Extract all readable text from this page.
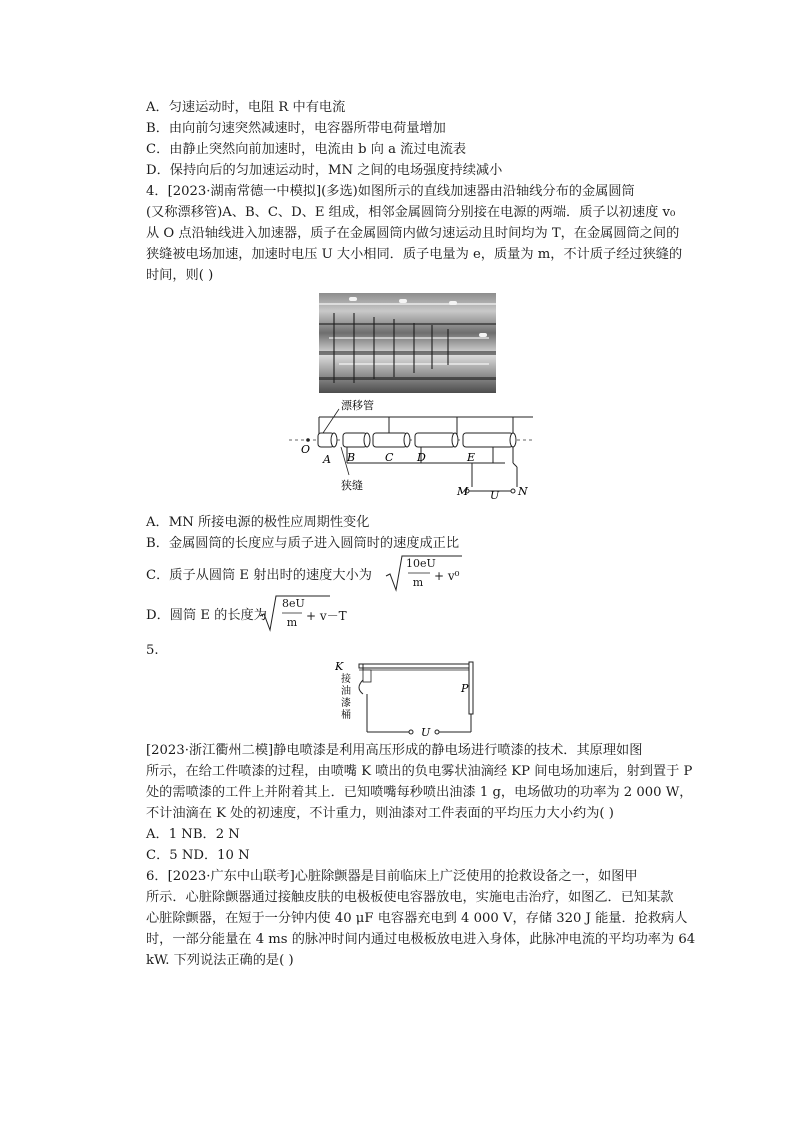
A．匀速运动时，电阻 R 中有电流
B．由向前匀速突然减速时，电容器所带电荷量增加
C．由静止突然向前加速时，电流由 b 向 a 流过电流表
D．保持向后的匀加速运动时，MN 之间的电场强度持续减小
4．[2023·湖南常德一中模拟](多选)如图所示的直线加速器由沿轴线分布的金属圆筒
(又称漂移管)A、B、C、D、E 组成，相邻金属圆筒分别接在电源的两端．质子以初速度 v₀
从 O 点沿轴线进入加速器，质子在金属圆筒内做匀速运动且时间均为 T，在金属圆筒之间的
狭缝被电场加速，加速时电压 U 大小相同．质子电量为 e，质量为 m，不计质子经过狭缝的
时间，则( )
漂移管
O
A B	C D	E
狭缝	M	N
U
A．MN 所接电源的极性应周期性变化
B．金属圆筒的长度应与质子进入圆筒时的速度成正比
C．质子从圆筒 E 射出时的速度大小为
10eU
m + v⁰
D．圆筒 E 的长度为
8eU
m + v－T
5.
K
接
油
漆
桶
P
U
[2023·浙江衢州二模]静电喷漆是利用高压形成的静电场进行喷漆的技术．其原理如图
所示，在给工件喷漆的过程，由喷嘴 K 喷出的负电雾状油滴经 KP 间电场加速后，射到置于 P
处的需喷漆的工件上并附着其上．已知喷嘴每秒喷出油漆 1 g，电场做功的功率为 2 000 W，
不计油滴在 K 处的初速度，不计重力，则油漆对工件表面的平均压力大小约为( )
A．1 NB．2 N
C．5 ND．10 N
6．[2023·广东中山联考]心脏除颤器是目前临床上广泛使用的抢救设备之一，如图甲
所示．心脏除颤器通过接触皮肤的电极板使电容器放电，实施电击治疗，如图乙．已知某款
心脏除颤器，在短于一分钟内使 40 μF 电容器充电到 4 000 V，存储 320 J 能量．抢救病人
时，一部分能量在 4 ms 的脉冲时间内通过电极板放电进入身体，此脉冲电流的平均功率为 64
kW. 下列说法正确的是( )
